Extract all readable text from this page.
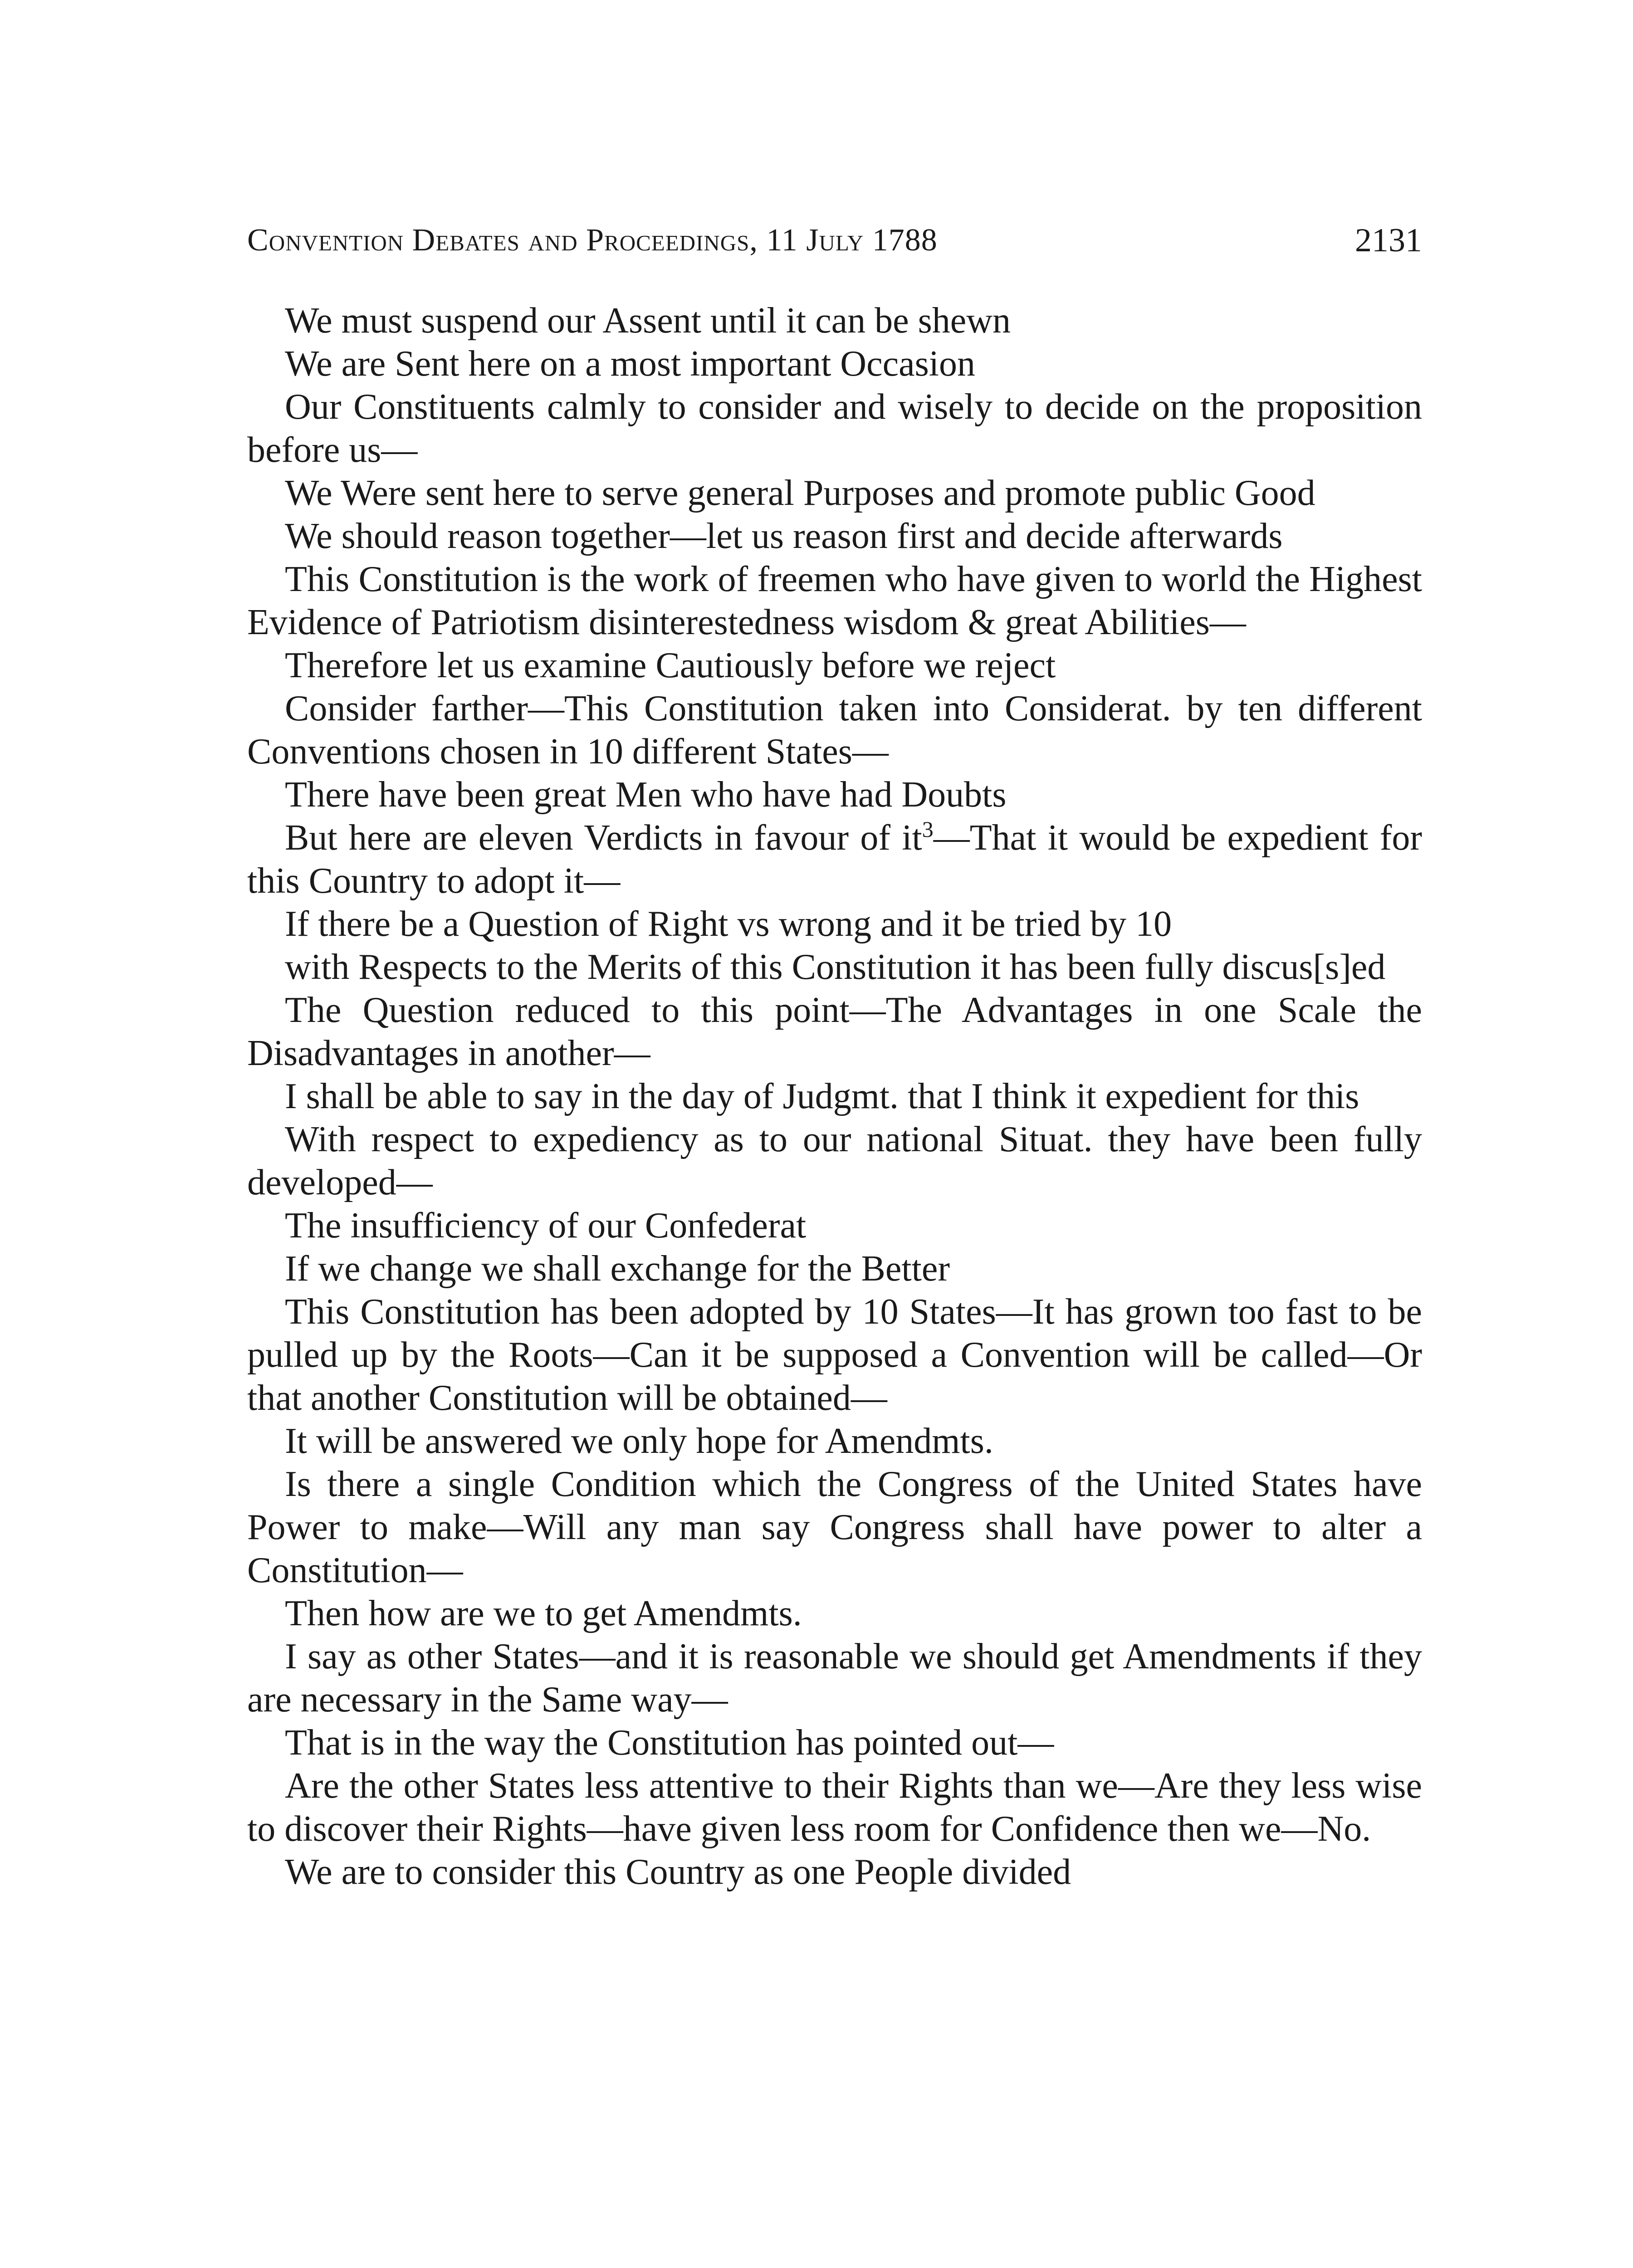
Convention Debates and Proceedings, 11 July 1788	2131

We must suspend our Assent until it can be shewn

We are Sent here on a most important Occasion

Our Constituents calmly to consider and wisely to decide on the proposition before us—

We Were sent here to serve general Purposes and promote public Good

We should reason together—let us reason first and decide afterwards

This Constitution is the work of freemen who have given to world the Highest Evidence of Patriotism disinterestedness wisdom & great Abilities—

Therefore let us examine Cautiously before we reject

Consider farther—This Constitution taken into Considerat. by ten different Conventions chosen in 10 different States—

There have been great Men who have had Doubts

But here are eleven Verdicts in favour of $it^3—That$ it would be expedient for this Country to adopt it—

If there be a Question of Right vs wrong and it be tried by 10

with Respects to the Merits of this Constitution it has been fully discus[s]ed

The Question reduced to this point—The Advantages in one Scale the Disadvantages in another—

I shall be able to say in the day of Judgmt. that I think it expedient for this

With respect to expediency as to our national Situat. they have been fully developed—

The insufficiency of our Confederat

If we change we shall exchange for the Better

This Constitution has been adopted by 10 States—It has grown too fast to be pulled up by the Roots—Can it be supposed a Convention will be called—Or that another Constitution will be obtained—

It will be answered we only hope for Amendmts.

Is there a single Condition which the Congress of the United States have Power to make—Will any man say Congress shall have power to alter a Constitution—

Then how are we to get Amendmts.

I say as other States—and it is reasonable we should get Amendments if they are necessary in the Same way—

That is in the way the Constitution has pointed out—

Are the other States less attentive to their Rights than we—Are they less wise to discover their Rights—have given less room for Confidence then we—No.

We are to consider this Country as one People divided
